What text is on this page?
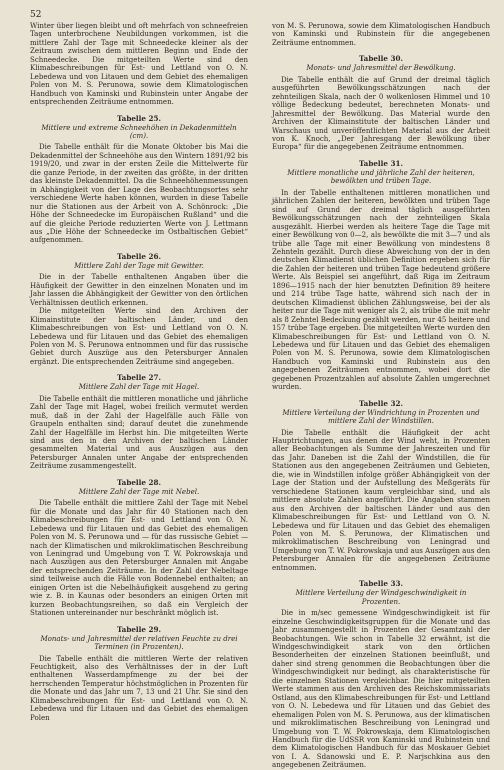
52

Winter über liegen bleibt und oft mehrfach von schneefreien Tagen unterbrochene Neubildungen vorkommen, ist die mittlere Zahl der Tage mit Schneedecke kleiner als der Zeitraum zwischen dem mittleren Beginn und Ende der Schneedecke. Die mitgeteilten Werte sind den Klimabeschreibungen für Est- und Lettland von O. N. Lebedewa und von Litauen und dem Gebiet des ehemaligen Polen von M. S. Perunowa, sowie dem Klimatologischen Handbuch von Kaminski und Rubinstein unter Angabe der entsprechenden Zeiträume entnommen.

Tabelle 25.
Mittlere und extreme Schneehöhen in Dekadenmitteln (cm).

Die Tabelle enthält für die Monate Oktober bis Mai die Dekadenmittel der Schneehöhe aus den Wintern 1891/92 bis 1919/20, und zwar in der ersten Zeile die Mittelwerte für die ganze Periode, in der zweiten das größte, in der dritten das kleinste Dekadenmittel. Da die Schneehöhenmessungen in Abhängigkeit von der Lage des Beobachtungsortes sehr verschiedene Werte haben können, wurden in diese Tabelle nur die Stationen aus der Arbeit von A. Schönrock: „Die Höhe der Schneedecke im Europäischen Rußland“ und die auf die gleiche Periode reduzierten Werte von J. Lettmann aus „Die Höhe der Schneedecke im Ostbaltischen Gebiet“ aufgenommen.

Tabelle 26.
Mittlere Zahl der Tage mit Gewitter.

Die in der Tabelle enthaltenen Angaben über die Häufigkeit der Gewitter in den einzelnen Monaten und im Jahr lassen die Abhängigkeit der Gewitter von den örtlichen Verhältnissen deutlich erkennen.

Die mitgeteilten Werte sind den Archiven der Klimainstitute der baltischen Länder, und den Klimabeschreibungen von Est- und Lettland von O. N. Lebedewa und für Litauen und das Gebiet des ehemaligen Polen von M. S. Perunowa entnommen und für das russische Gebiet durch Auszüge aus den Petersburger Annalen ergänzt. Die entsprechenden Zeiträume sind angegeben.

Tabelle 27.
Mittlere Zahl der Tage mit Hagel.

Die Tabelle enthält die mittleren monatliche und jährliche Zahl der Tage mit Hagel, wobei freilich vermutet werden muß, daß in der Zahl der Hagelfälle auch Fälle von Graupeln enthalten sind; darauf deutet die zunehmende Zahl der Hagelfälle im Herbst hin. Die mitgeteilten Werte sind aus den in den Archiven der baltischen Länder gesammelten Material und aus Auszügen aus den Petersburger Annalen unter Angabe der entsprechenden Zeiträume zusammengestellt.

Tabelle 28.
Mittlere Zahl der Tage mit Nebel.

Die Tabelle enthält die mittlere Zahl der Tage mit Nebel für die Monate und das Jahr für 40 Stationen nach den Klimabeschreibungen für Est- und Lettland von O. N. Lebedewa und für Litauen und das Gebiet des ehemaligen Polen von M. S. Perunowa und — für das russische Gebiet — nach der Klimatischen und mikroklimatischen Beschreibung von Leningrad und Umgebung von T. W. Pokrowskaja und nach Auszügen aus den Petersburger Annalen mit Angabe der entsprechenden Zeiträume. In der Zahl der Nebeltage sind teilweise auch die Fälle von Bodennebel enthalten; an einigen Orten ist die Nebelhäufigkeit ausgehend zu gering wie z. B. in Kaunas oder besonders an einigen Orten mit kurzen Beobachtungsreihen, so daß ein Vergleich der Stationen untereinander nur beschränkt möglich ist.

Tabelle 29.
Monats- und Jahresmittel der relativen Feuchte zu drei Terminen (in Prozenten).

Die Tabelle enthält die mittleren Werte der relativen Feuchtigkeit, also des Verhältnisses der in der Luft enthaltenen Wasserdampfmenge zu der bei der herrschenden Temperatur höchstmöglichen in Prozenten für die Monate und das Jahr um 7, 13 und 21 Uhr. Sie sind den Klimabeschreibungen für Est- und Lettland von O. N. Lebedewa und für Litauen und das Gebiet des ehemaligen Polen

von M. S. Perunowa, sowie dem Klimatologischen Handbuch von Kaminski und Rubinstein für die angegebenen Zeiträume entnommen.

Tabelle 30.
Monats- und Jahresmittel der Bewölkung.

Die Tabelle enthält die auf Grund der dreimal täglich ausgeführten Bewölkungsschätzungen nach der zehnteiligen Skala, nach der 0 wolkenlosen Himmel und 10 völlige Bedeckung bedeutet, berechneten Monats- und Jahresmittel der Bewölkung. Das Material wurde den Archiven der Klimainstitute der baltischen Länder und Warschaus und unveröffentlichten Material aus der Arbeit von K. Knoch, „Der Jahresgang der Bewölkung über Europa“ für die angegebenen Zeiträume entnommen.

Tabelle 31.
Mittlere monatliche und jährliche Zahl der heiteren, bewölkten und trüben Tage.

In der Tabelle enthaltenen mittleren monatlichen und jährlichen Zahlen der heiteren, bewölkten und trüben Tage sind auf Grund der dreimal täglich ausgeführten Bewölkungsschätzungen nach der zehnteiligen Skala ausgezählt. Hierbei werden als heitere Tage die Tage mit einer Bewölkung von 0—2, als bewölkte die mit 3—7 und als trübe alle Tage mit einer Bewölkung von mindestens 8 Zehnteln gezählt. Durch diese Abweichung von der in den deutschen Klimadienst üblichen Definition ergeben sich für die Zahlen der heiteren und trüben Tage bedeutend größere Werte. Als Beispiel sei angeführt, daß Riga im Zeitraum 1896—1915 nach der hier benutzten Definition 89 heitere und 214 trübe Tage hatte, während sich nach der in deutschen Klimadienst üblichen Zählungsweise, bei der als heiter nur die Tage mit weniger als 2, als trübe die mit mehr als 8 Zehntel Bedeckung gezählt werden, nur 45 heitere und 157 trübe Tage ergeben. Die mitgeteilten Werte wurden den Klimabeschreibungen für Est- und Lettland von O. N. Lebedewa und für Litauen und das Gebiet des ehemaligen Polen von M. S. Perunowa, sowie dem Klimatologischen Handbuch von Kaminski und Rubinstein aus den angegebenen Zeiträumen entnommen, wobei dort die gegebenen Prozentzahlen auf absolute Zahlen umgerechnet wurden.

Tabelle 32.
Mittlere Verteilung der Windrichtung in Prozenten und mittlere Zahl der Windstillen.

Die Tabelle enthält die Häufigkeit der acht Hauptrichtungen, aus denen der Wind weht, in Prozenten aller Beobachtungen als Summe der Jahreszeiten und für das Jahr. Daneben ist die Zahl der Windstillen, die für Stationen aus den angegebenen Zeiträumen und Gebieten, die, wie in Windstillen infolge größer Abhängigkeit von der Lage der Station und der Aufstellung des Meßgeräts für verschiedene Stationen kaum vergleichbar sind, und als mittlere absolute Zahlen angeführt. Die Angaben stammen aus den Archiven der baltischen Länder und aus den Klimabeschreibungen für Est- und Lettland von O. N. Lebedewa und für Litauen und das Gebiet des ehemaligen Polen von M. S. Perunowa, der Klimatischen und mikroklimatischen Beschreibung von Leningrad und Umgebung von T. W. Pokrowskaja und aus Auszügen aus den Petersburger Annalen für die angegebenen Zeiträume entnommen.

Tabelle 33.
Mittlere Verteilung der Windgeschwindigkeit in Prozenten.

Die in m/sec gemessene Windgeschwindigkeit ist für einzelne Geschwindigkeitsgruppen für die Monate und das Jahr zusammengestellt in Prozenten der Gesamtzahl der Beobachtungen. Wie schon in Tabelle 32 erwähnt, ist die Windgeschwindigkeit stark von den örtlichen Besonderheiten der einzelnen Stationen beeinflußt, und daher sind streng genommen die Beobachtungen über die Windgeschwindigkeit nur bedingt, als charakteristische für die einzelnen Stationen vergleichbar. Die hier mitgeteilten Werte stammen aus den Archiven des Reichskommissariats Ostland, aus den Klimabeschreibungen für Est- und Lettland von O. N. Lebedewa und für Litauen und das Gebiet des ehemaligen Polen von M. S. Perunowa, aus der klimatischen und mikroklimatischen Beschreibung von Leningrad und Umgebung von T. W. Pokrowskaja, dem Klimatologischen Handbuch für die UdSSR von Kaminski und Rubinstein und dem Klimatologischen Handbuch für das Moskauer Gebiet von I. A. Sdanowski und E. P. Narjschkina aus den angegebenen Zeiträumen.
